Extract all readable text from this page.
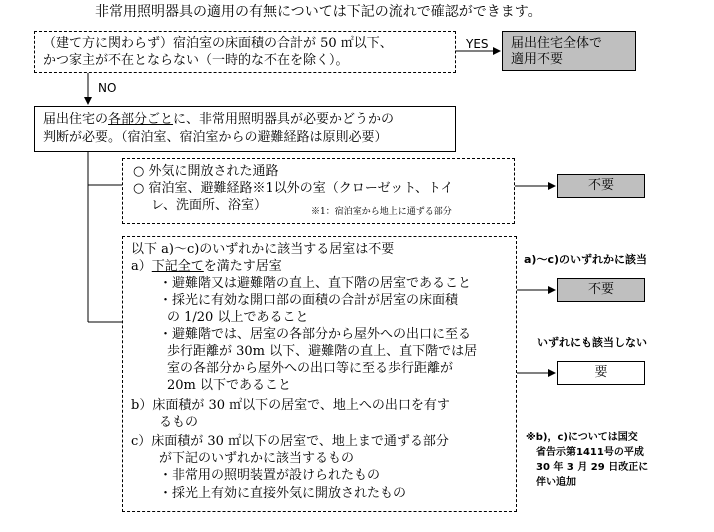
非常用照明器具の適用の有無については下記の流れで確認ができます。
（建て方に関わらず）宿泊室の床面積の合計が 50 ㎡以下、
かつ家主が不在とならない（一時的な不在を除く）。
YES 届出住宅全体で
適用不要
NO
届出住宅の各部分ごとに、非常用照明器具が必要かどうかの
判断が必要。（宿泊室、宿泊室からの避難経路は原則必要）
○ 外気に開放された通路
○ 宿泊室、避難経路※1以外の室（クローゼット、トイ
レ、洗面所、浴室）	※1：宿泊室から地上に通ずる部分
不要
以下 a)～c)のいずれかに該当する居室は不要
a）下記全てを満たす居室
・避難階又は避難階の直上、直下階の居室であること
・採光に有効な開口部の面積の合計が居室の床面積
の 1/20 以上であること
・避難階では、居室の各部分から屋外への出口に至る
歩行距離が 30m 以下、避難階の直上、直下階では居
室の各部分から屋外への出口等に至る歩行距離が
20m 以下であること
b）床面積が 30 ㎡以下の居室で、地上への出口を有す
るもの
c）床面積が 30 ㎡以下の居室で、地上まで通ずる部分
が下記のいずれかに該当するもの
・非常用の照明装置が設けられたもの
・採光上有効に直接外気に開放されたもの
a)～c)のいずれかに該当
不要
いずれにも該当しない
要
※b)，c)については国交
省告示第1411号の平成
30 年 3 月 29 日改正に
伴い追加
